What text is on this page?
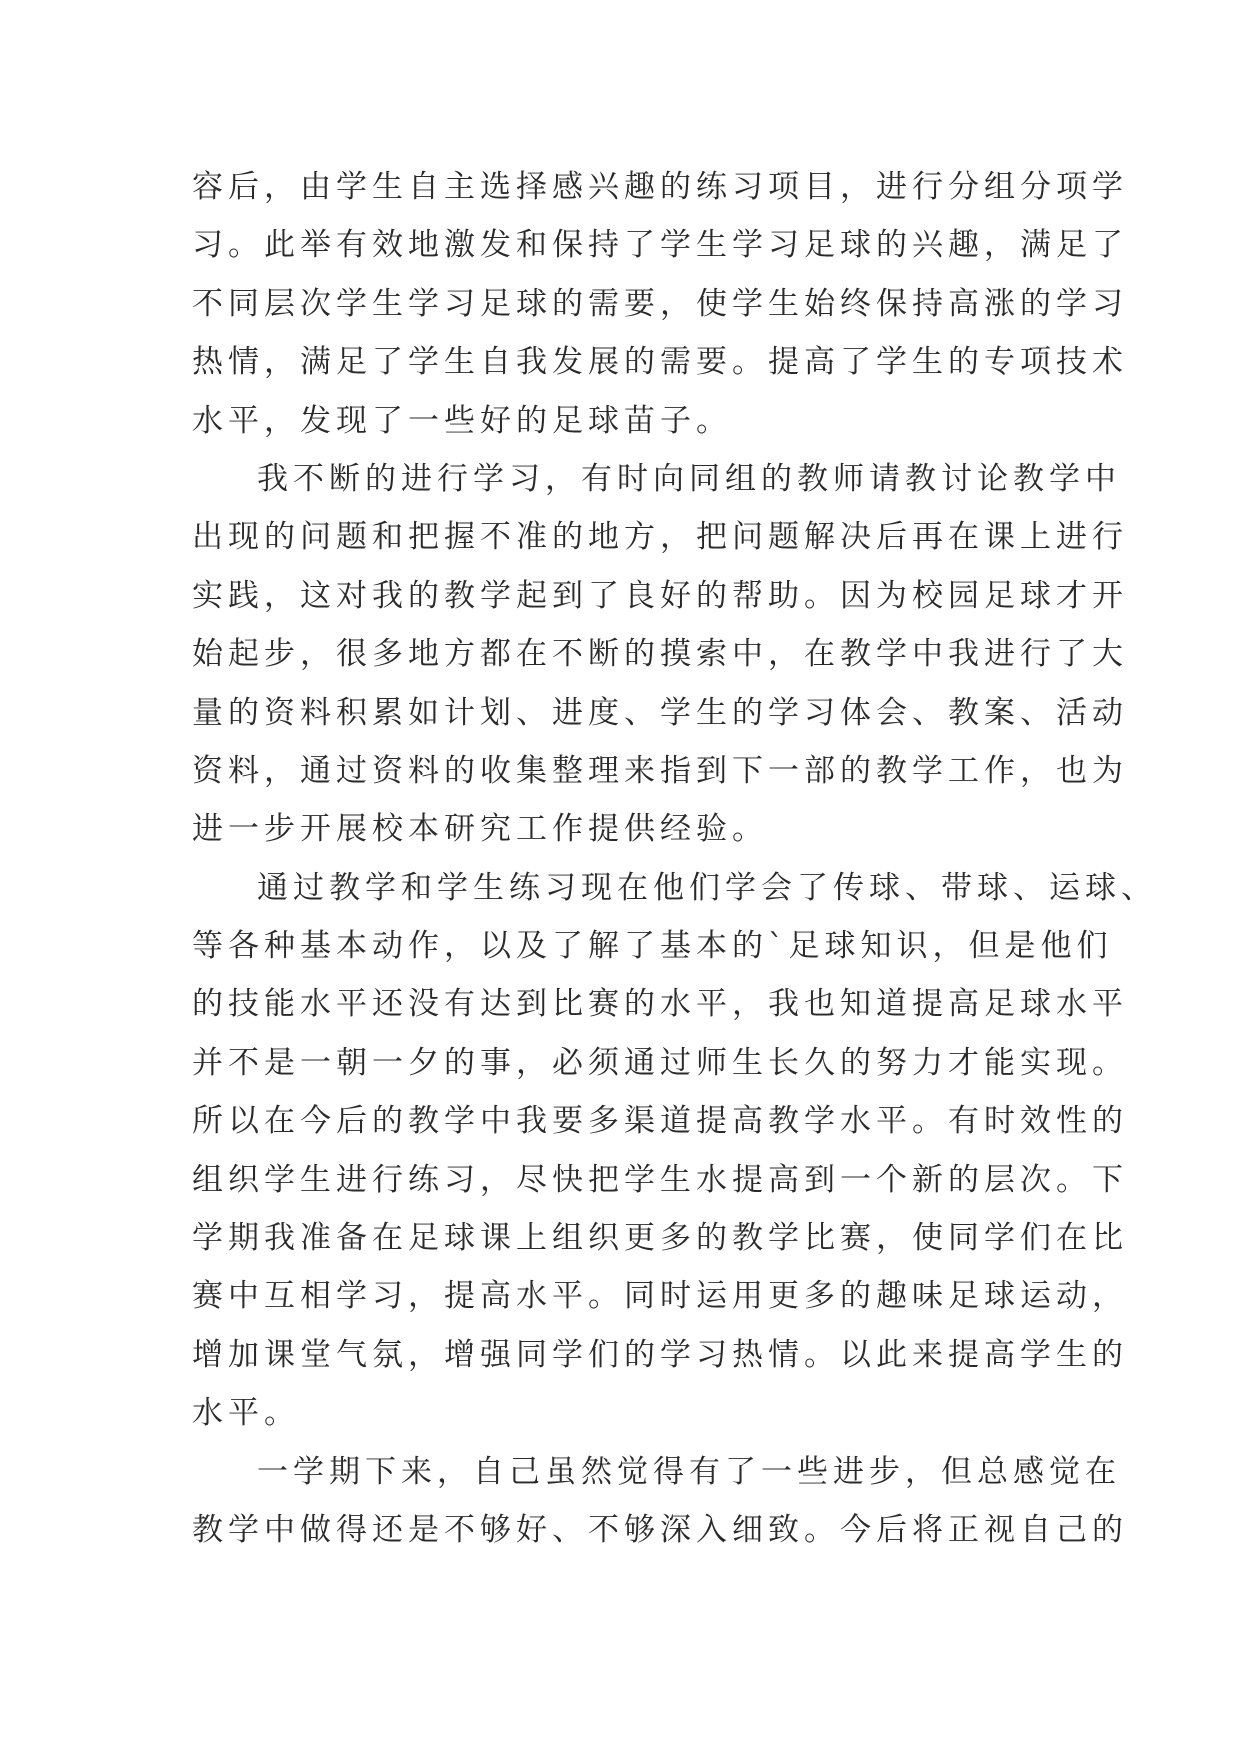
容后，由学生自主选择感兴趣的练习项目，进行分组分项学
习。此举有效地激发和保持了学生学习足球的兴趣，满足了
不同层次学生学习足球的需要，使学生始终保持高涨的学习
热情，满足了学生自我发展的需要。提高了学生的专项技术
水平，发现了一些好的足球苗子。
我不断的进行学习，有时向同组的教师请教讨论教学中
出现的问题和把握不准的地方，把问题解决后再在课上进行
实践，这对我的教学起到了良好的帮助。因为校园足球才开
始起步，很多地方都在不断的摸索中，在教学中我进行了大
量的资料积累如计划、进度、学生的学习体会、教案、活动
资料，通过资料的收集整理来指到下一部的教学工作，也为
进一步开展校本研究工作提供经验。
通过教学和学生练习现在他们学会了传球、带球、运球、
等各种基本动作，以及了解了基本的`足球知识，但是他们
的技能水平还没有达到比赛的水平，我也知道提高足球水平
并不是一朝一夕的事，必须通过师生长久的努力才能实现。
所以在今后的教学中我要多渠道提高教学水平。有时效性的
组织学生进行练习，尽快把学生水提高到一个新的层次。下
学期我准备在足球课上组织更多的教学比赛，使同学们在比
赛中互相学习，提高水平。同时运用更多的趣味足球运动，
增加课堂气氛，增强同学们的学习热情。以此来提高学生的
水平。
一学期下来，自己虽然觉得有了一些进步，但总感觉在
教学中做得还是不够好、不够深入细致。今后将正视自己的
